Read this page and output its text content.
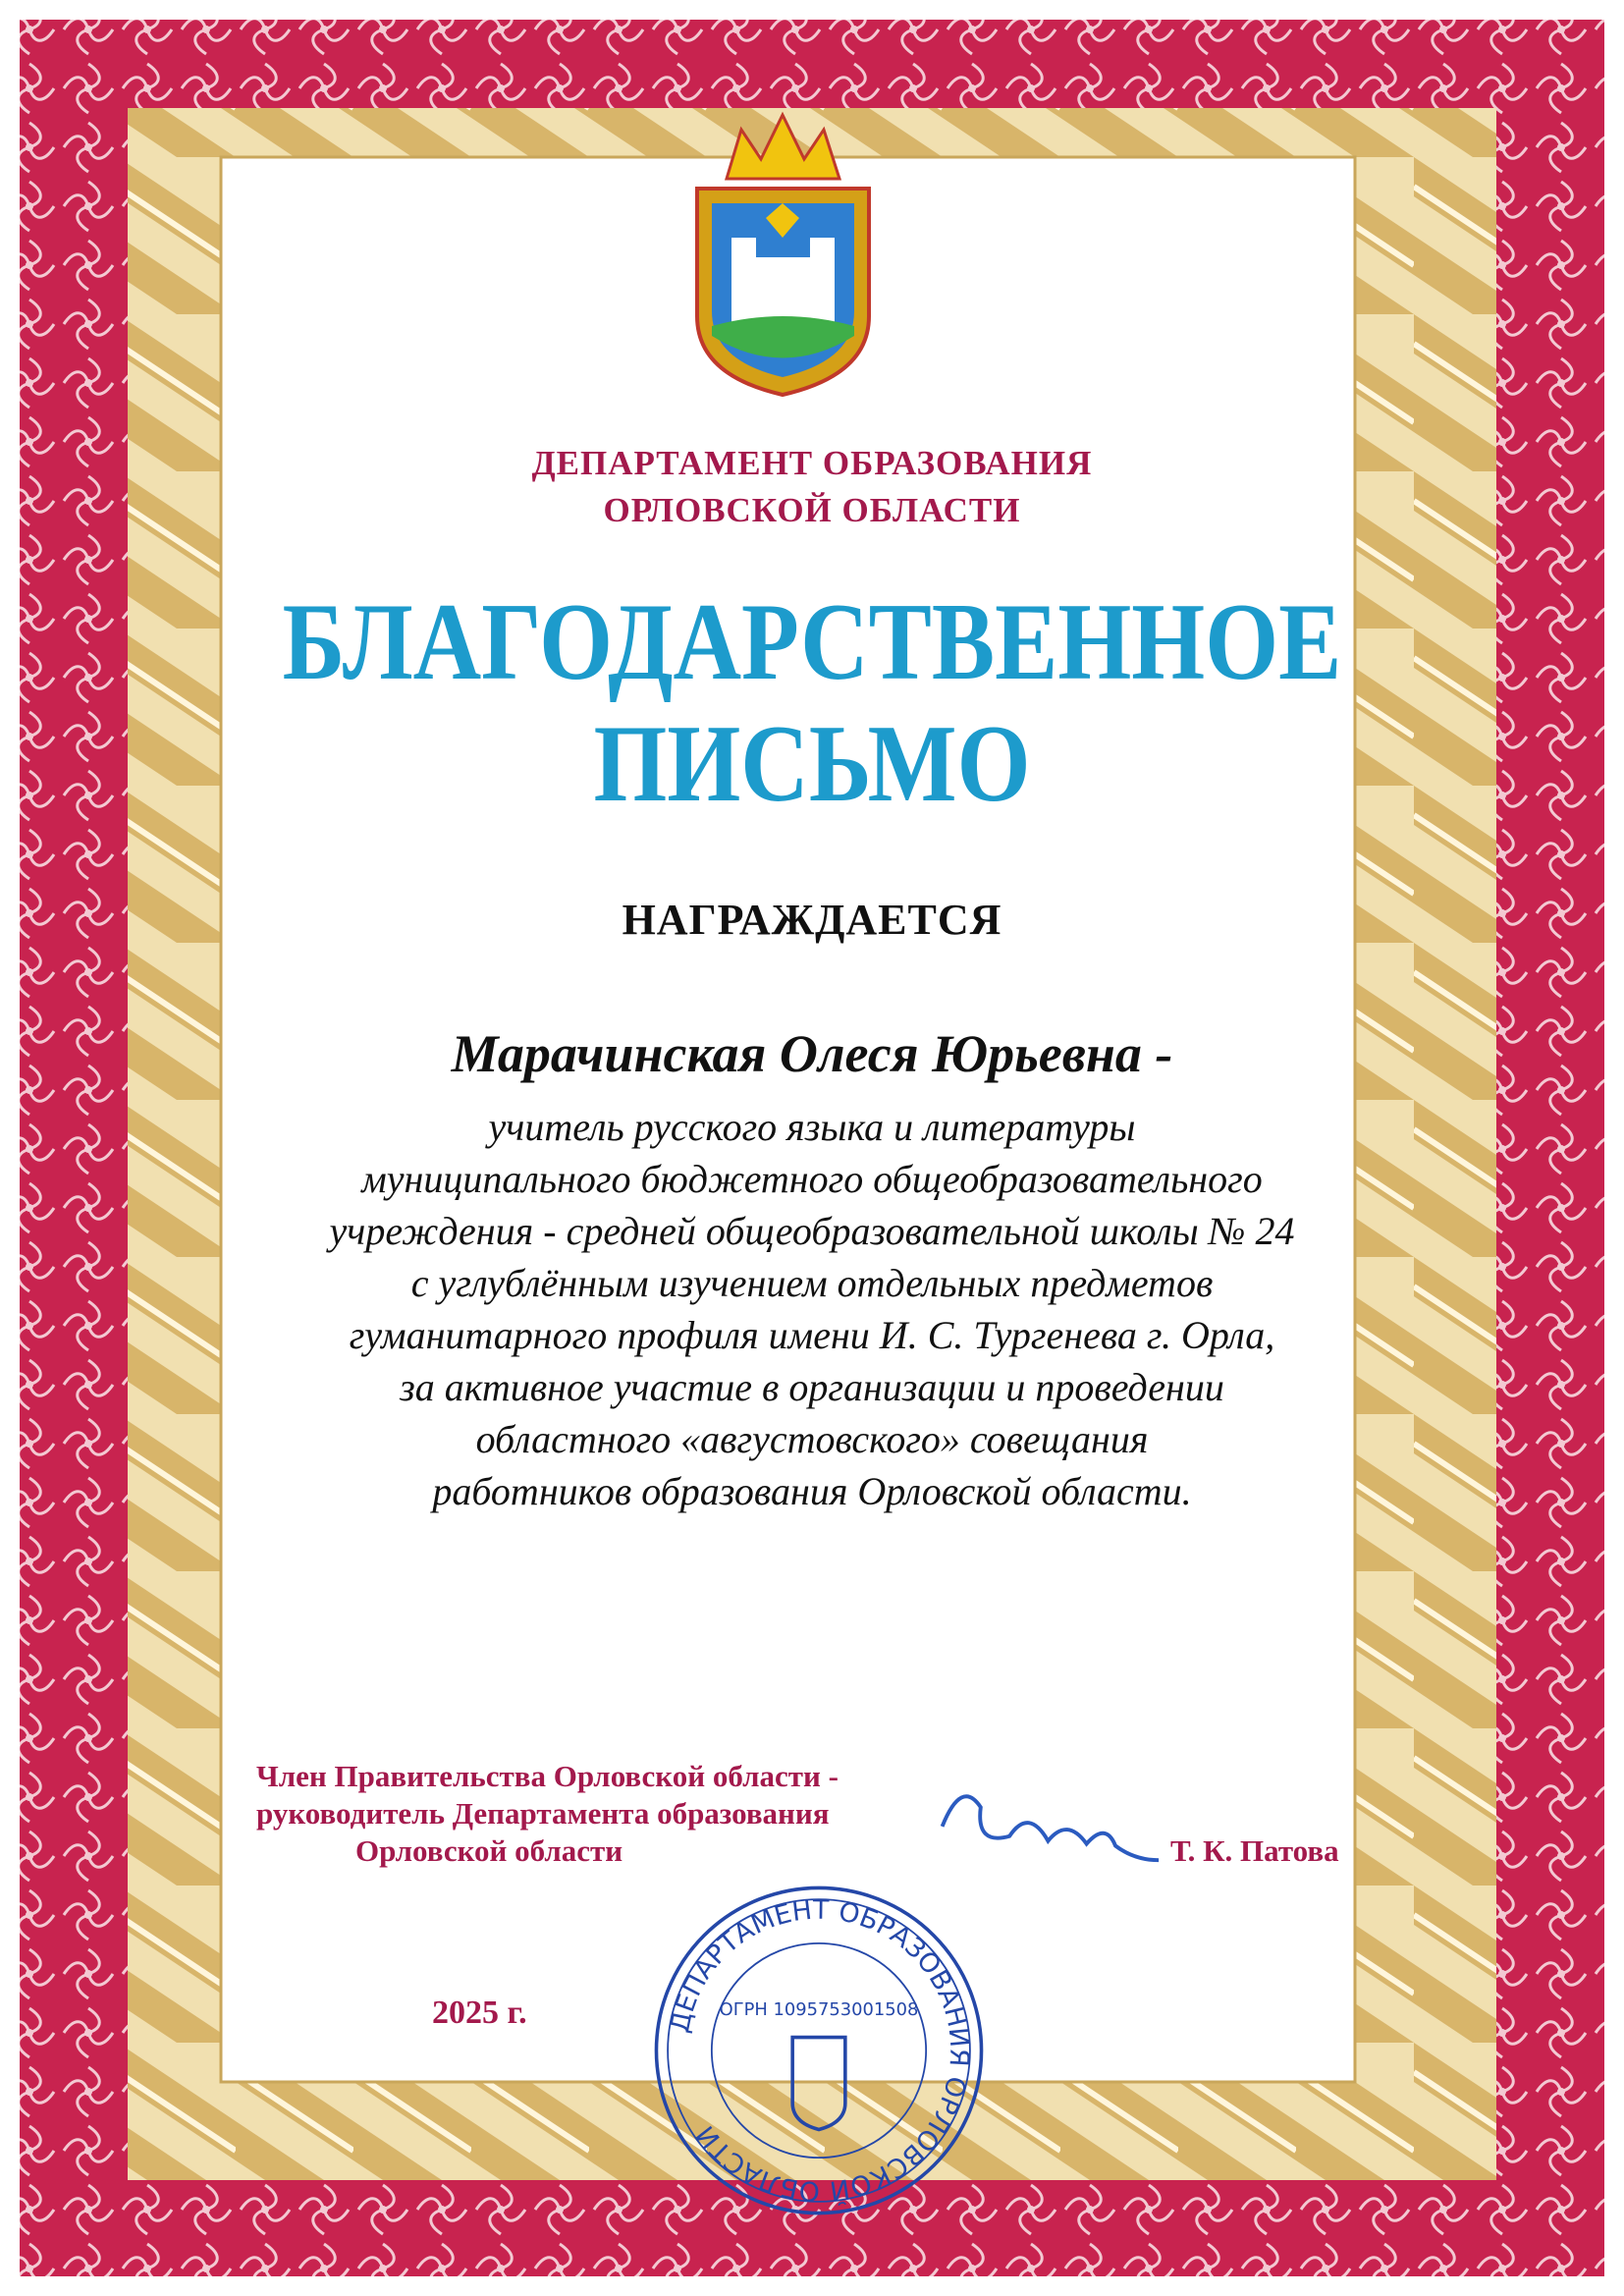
ДЕПАРТАМЕНТ ОБРАЗОВАНИЯ
ОРЛОВСКОЙ ОБЛАСТИ
БЛАГОДАРСТВЕННОЕ
ПИСЬМО
НАГРАЖДАЕТСЯ
Марачинская Олеся Юрьевна -
учитель русского языка и литературы
муниципального бюджетного общеобразовательного
учреждения - средней общеобразовательной школы № 24
с углублённым изучением отдельных предметов
гуманитарного профиля имени И. С. Тургенева г. Орла,
за активное участие в организации и проведении
областного «августовского» совещания
работников образования Орловской области.
Член Правительства Орловской области -
руководитель Департамента образования
Орловской области	Т. К. Патова
ДЕПАРТАМЕНТ ОБРАЗОВАНИЯ ОРЛОВСКОЙ ОБЛАСТИ
ОГРН 1095753001508
2025 г.
